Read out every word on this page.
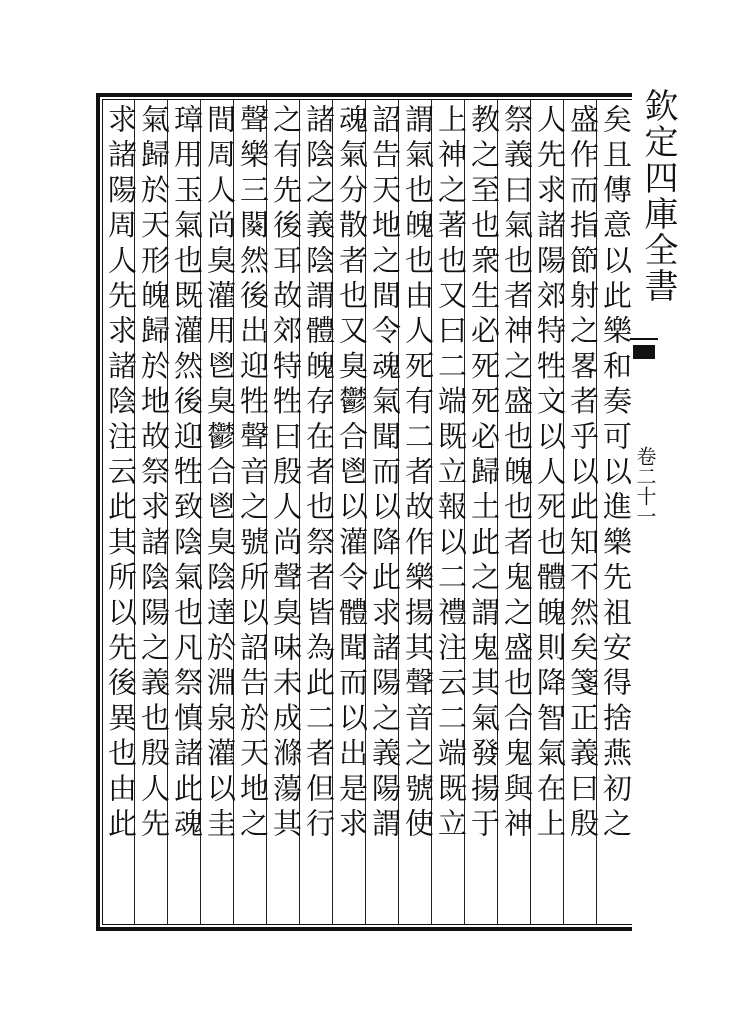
欽定四庫全書
卷二十一
矣且傳意以此樂和奏可以進樂先祖安得捨燕初之
盛作而指節射之畧者乎以此知不然矣箋正義曰殷
人先求諸陽郊特牲文以人死也體魄則降智氣在上
祭義曰氣也者神之盛也魄也者鬼之盛也合鬼與神
教之至也衆生必死死必歸土此之謂鬼其氣發揚于
上神之著也又曰二端既立報以二禮注云二端既立
謂氣也魄也由人死有二者故作樂揚其聲音之號使
詔告天地之間令魂氣聞而以降此求諸陽之義陽謂
魂氣分散者也又臭鬱合鬯以灌令體聞而以出是求
諸陰之義陰謂體魄存在者也祭者皆為此二者但行
之有先後耳故郊特牲曰殷人尚聲臭味未成滌蕩其
聲樂三闋然後出迎牲聲音之號所以詔告於天地之
間周人尚臭灌用鬯臭鬱合鬯臭陰達於淵泉灌以圭
璋用玉氣也既灌然後迎牲致陰氣也凡祭慎諸此魂
氣歸於天形魄歸於地故祭求諸陰陽之義也殷人先
求諸陽周人先求諸陰注云此其所以先後異也由此
